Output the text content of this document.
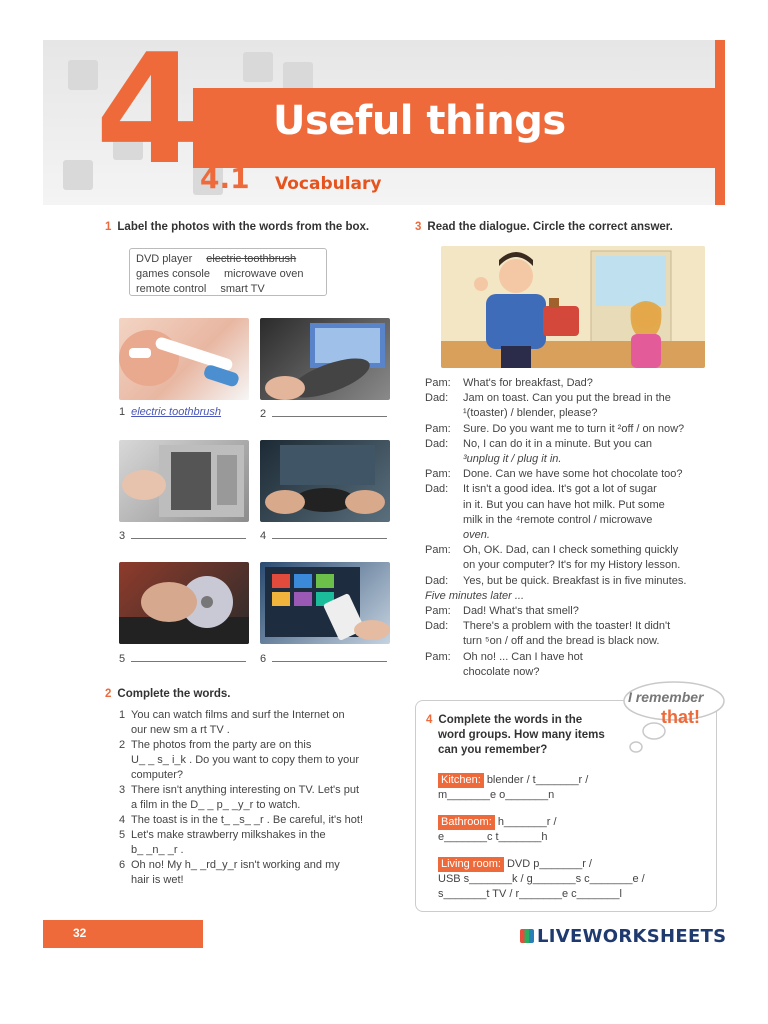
4 Useful things
4.1 Vocabulary
1 Label the photos with the words from the box.
DVD player electric toothbrush
games console microwave oven
remote control smart TV
1 electric toothbrush	2
3	4
5	6
2 Complete the words.
1 You can watch films and surf the Internet on
our new sm a rt TV .
2 The photos from the party are on this
U_ _ s_ i_k . Do you want to copy them to your
computer?
3 There isn't anything interesting on TV. Let's put
a film in the D_ _ p_ _y_r to watch.
4 The toast is in the t_ _s_ _r . Be careful, it's hot!
5 Let's make strawberry milkshakes in the
b_ _n_ _r .
6 Oh no! My h_ _rd_y_r isn't working and my
hair is wet!
3 Read the dialogue. Circle the correct answer.
Pam:	What's for breakfast, Dad?
Dad:	Jam on toast. Can you put the bread in the
¹(toaster) / blender, please?
Pam:	Sure. Do you want me to turn it ²off / on now?
Dad:	No, I can do it in a minute. But you can
³unplug it / plug it in.
Pam:	Done. Can we have some hot chocolate too?
Dad:	It isn't a good idea. It's got a lot of sugar
in it. But you can have hot milk. Put some
milk in the ⁴remote control / microwave
oven.
Pam:	Oh, OK. Dad, can I check something quickly
on your computer? It's for my History lesson.
Dad:	Yes, but be quick. Breakfast is in five minutes.
Five minutes later ...
Pam:	Dad! What's that smell?
Dad:	There's a problem with the toaster! It didn't
turn ⁵on / off and the bread is black now.
Pam:	Oh no! ... Can I have hot
chocolate now?
4 Complete the words in the
word groups. How many items
can you remember?
I remember
that!
Kitchen: blender / t_______r /
m_______e o_______n
Bathroom: h_______r /
e_______c t_______h
Living room: DVD p_______r /
USB s_______k / g_______s c_______e /
s_______t TV / r_______e c_______l
32	LIVEWORKSHEETS
